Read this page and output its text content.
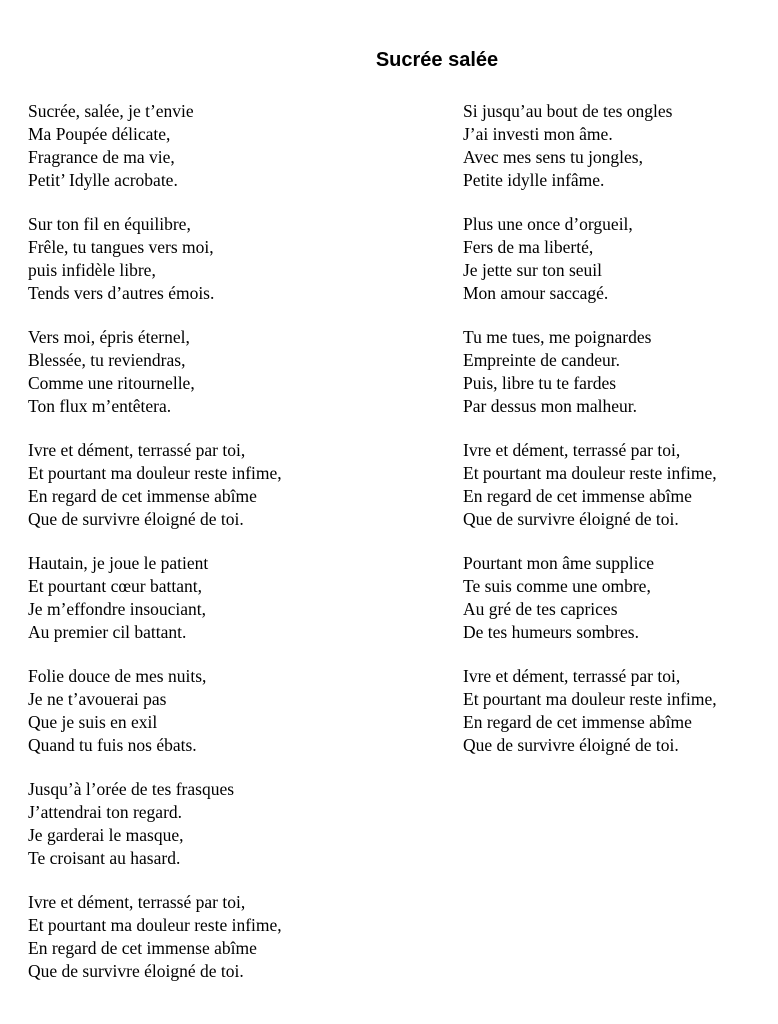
Sucrée salée

Sucrée, salée, je t’envie
Ma Poupée délicate,
Fragrance de ma vie,
Petit’ Idylle acrobate.

Sur ton fil en équilibre,
Frêle, tu tangues vers moi,
puis infidèle libre,
Tends vers d’autres émois.

Vers moi, épris éternel,
Blessée, tu reviendras,
Comme une ritournelle,
Ton flux m’entêtera.

Ivre et dément, terrassé par toi,
Et pourtant ma douleur reste infime,
En regard de cet immense abîme
Que de survivre éloigné de toi.

Hautain, je joue le patient
Et pourtant cœur battant,
Je m’effondre insouciant,
Au premier cil battant.

Folie douce de mes nuits,
Je ne t’avouerai pas
Que je suis en exil
Quand tu fuis nos ébats.

Jusqu’à l’orée de tes frasques
J’attendrai ton regard.
Je garderai le masque,
Te croisant au hasard.

Ivre et dément, terrassé par toi,
Et pourtant ma douleur reste infime,
En regard de cet immense abîme
Que de survivre éloigné de toi.

Si jusqu’au bout de tes ongles
J’ai investi mon âme.
Avec mes sens tu jongles,
Petite idylle infâme.

Plus une once d’orgueil,
Fers de ma liberté,
Je jette sur ton seuil
Mon amour saccagé.

Tu me tues, me poignardes
Empreinte de candeur.
Puis, libre tu te fardes
Par dessus mon malheur.

Ivre et dément, terrassé par toi,
Et pourtant ma douleur reste infime,
En regard de cet immense abîme
Que de survivre éloigné de toi.

Pourtant mon âme supplice
Te suis comme une ombre,
Au gré de tes caprices
De tes humeurs sombres.

Ivre et dément, terrassé par toi,
Et pourtant ma douleur reste infime,
En regard de cet immense abîme
Que de survivre éloigné de toi.
